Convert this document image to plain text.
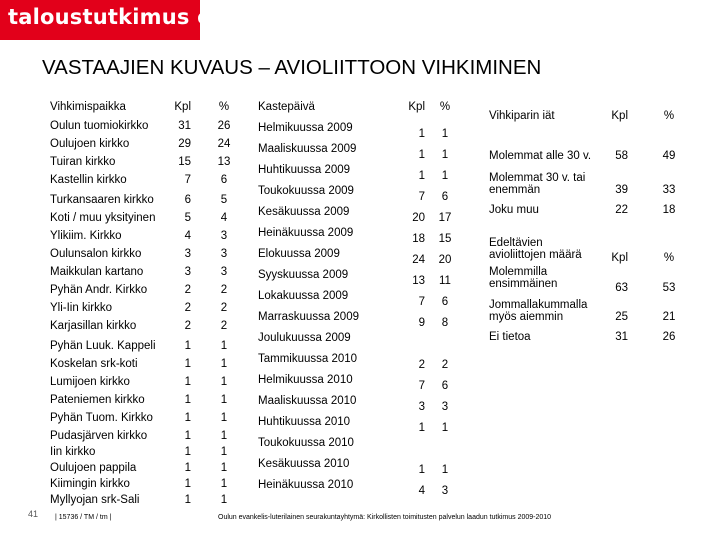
taloustutkimus oy
VASTAAJIEN KUVAUS – AVIOLIITTOON VIHKIMINEN
Vihkimispaikka	Kpl	%
Oulun tuomiokirkko	31	26
Oulujoen kirkko	29	24
Tuiran kirkko	15	13
Kastellin kirkko	7	6
Turkansaaren kirkko	6	5
Koti / muu yksityinen	5	4
Ylikiim. Kirkko	4	3
Oulunsalon kirkko	3	3
Maikkulan kartano	3	3
Pyhän Andr. Kirkko	2	2
Yli-Iin kirkko	2	2
Karjasillan kirkko	2	2
Pyhän Luuk. Kappeli	1	1
Koskelan srk-koti	1	1
Lumijoen kirkko	1	1
Pateniemen kirkko	1	1
Pyhän Tuom. Kirkko	1	1
Pudasjärven kirkko	1	1
Iin kirkko	1	1
Oulujoen pappila	1	1
Kiimingin kirkko	1	1
Myllyojan srk-Sali	1	1
Kastepäivä	Kpl	%
Helmikuussa 2009	1	1
Maaliskuussa 2009	1	1
Huhtikuussa 2009	1	1
Toukokuussa 2009	7	6
Kesäkuussa 2009	20	17
Heinäkuussa 2009	18	15
Elokuussa 2009	24	20
Syyskuussa 2009	13	11
Lokakuussa 2009	7	6
Marraskuussa 2009	9	8
Joulukuussa 2009
Tammikuussa 2010	2	2
Helmikuussa 2010	7	6
Maaliskuussa 2010	3	3
Huhtikuussa 2010	1	1
Toukokuussa 2010
Kesäkuussa 2010	1	1
Heinäkuussa 2010	4	3
Vihkiparin iät	Kpl	%
Molemmat alle 30 v.	58	49
Molemmat 30 v. tai
enemmän	39	33
Joku muu	22	18
Edeltävien
avioliittojen määrä	Kpl	%
Molemmilla
ensimmäinen	63	53
Jommallakummalla
myös aiemmin	25	21
Ei tietoa	31	26
41 | 15736 / TM / tm |	Oulun evankelis-luterilainen seurakuntayhtymä: Kirkollisten toimitusten palvelun laadun tutkimus 2009-2010
